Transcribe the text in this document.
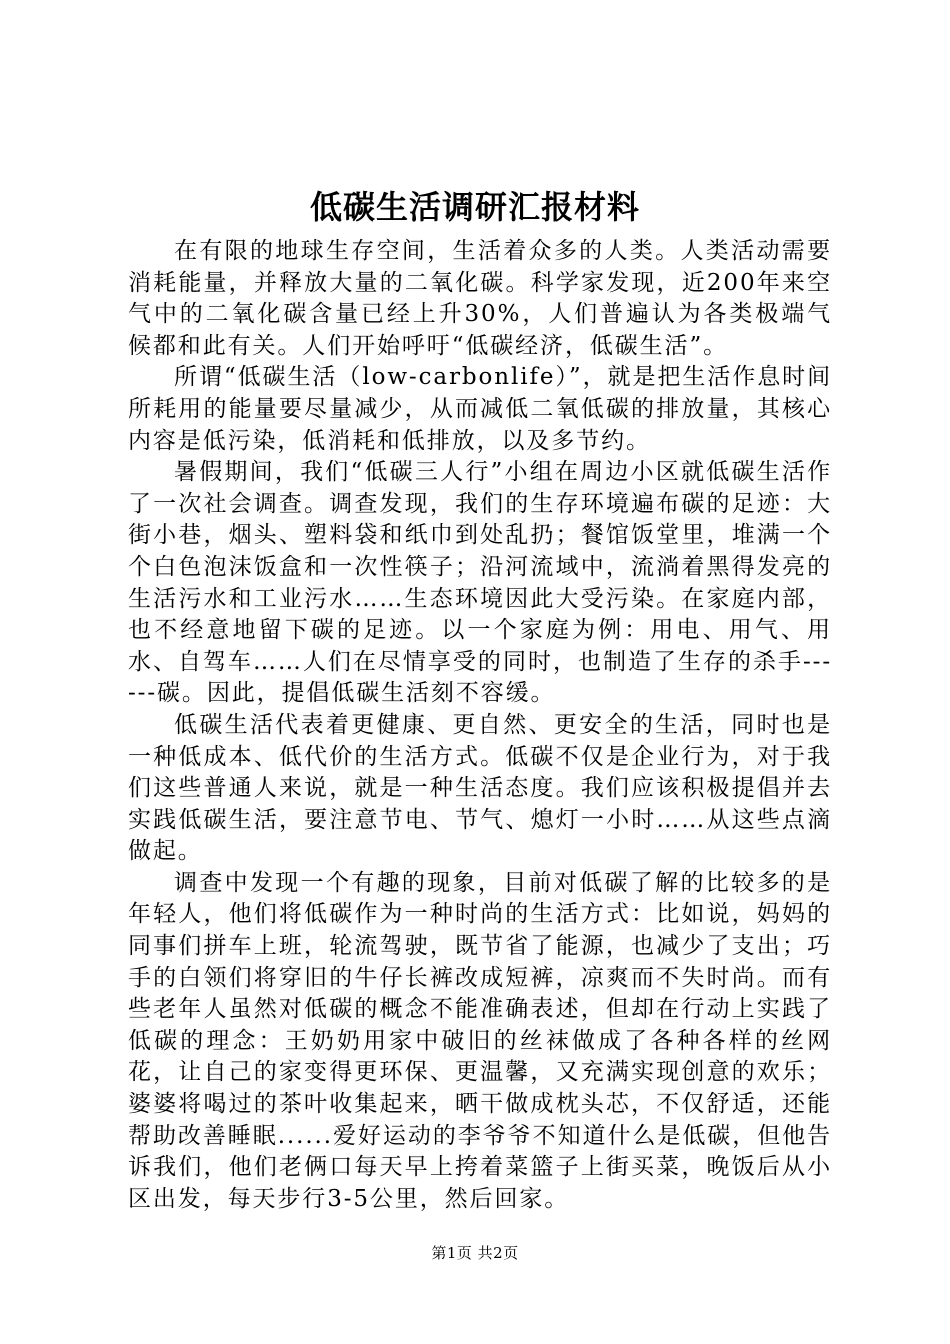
低碳生活调研汇报材料

在有限的地球生存空间，生活着众多的人类。人类活动需要消耗能量，并释放大量的二氧化碳。科学家发现，近200年来空气中的二氧化碳含量已经上升30%，人们普遍认为各类极端气候都和此有关。人们开始呼吁“低碳经济，低碳生活”。

所谓“低碳生活（low-carbonlife）”，就是把生活作息时间所耗用的能量要尽量减少，从而减低二氧低碳的排放量，其核心内容是低污染，低消耗和低排放，以及多节约。

暑假期间，我们“低碳三人行”小组在周边小区就低碳生活作了一次社会调查。调查发现，我们的生存环境遍布碳的足迹：大街小巷，烟头、塑料袋和纸巾到处乱扔；餐馆饭堂里，堆满一个个白色泡沫饭盒和一次性筷子；沿河流域中，流淌着黑得发亮的生活污水和工业污水……生态环境因此大受污染。在家庭内部，也不经意地留下碳的足迹。以一个家庭为例：用电、用气、用水、自驾车……人们在尽情享受的同时，也制造了生存的杀手------碳。因此，提倡低碳生活刻不容缓。

低碳生活代表着更健康、更自然、更安全的生活，同时也是一种低成本、低代价的生活方式。低碳不仅是企业行为，对于我们这些普通人来说，就是一种生活态度。我们应该积极提倡并去实践低碳生活，要注意节电、节气、熄灯一小时……从这些点滴做起。

调查中发现一个有趣的现象，目前对低碳了解的比较多的是年轻人，他们将低碳作为一种时尚的生活方式：比如说，妈妈的同事们拼车上班，轮流驾驶，既节省了能源，也减少了支出；巧手的白领们将穿旧的牛仔长裤改成短裤，凉爽而不失时尚。而有些老年人虽然对低碳的概念不能准确表述，但却在行动上实践了低碳的理念：王奶奶用家中破旧的丝袜做成了各种各样的丝网花，让自己的家变得更环保、更温馨，又充满实现创意的欢乐；婆婆将喝过的茶叶收集起来，晒干做成枕头芯，不仅舒适，还能帮助改善睡眠......爱好运动的李爷爷不知道什么是低碳，但他告诉我们，他们老俩口每天早上挎着菜篮子上街买菜，晚饭后从小区出发，每天步行3-5公里，然后回家。

第1页 共2页
